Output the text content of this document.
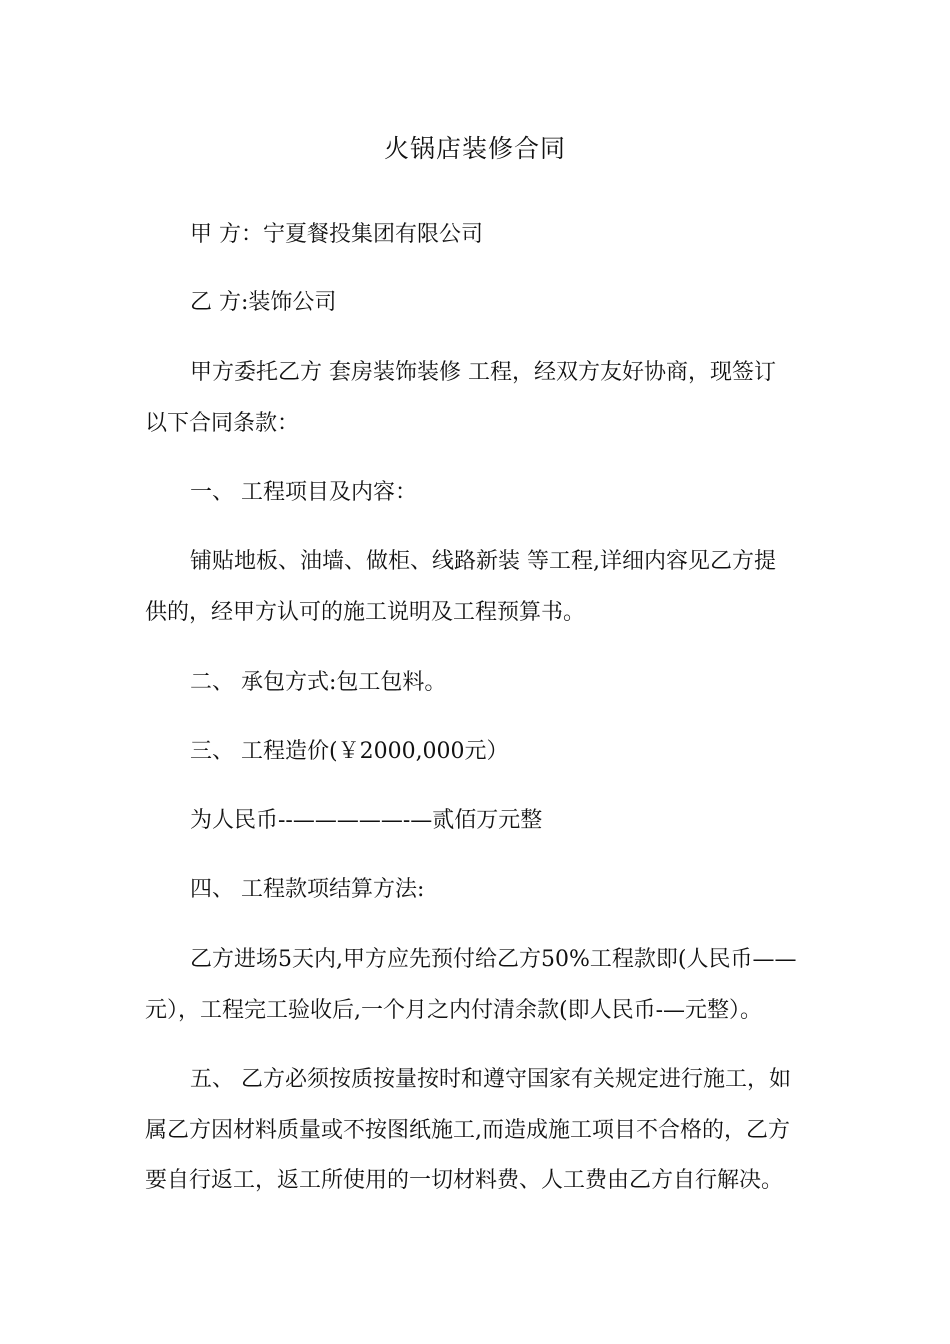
火锅店装修合同
甲 方：宁夏餐投集团有限公司
乙 方:装饰公司
甲方委托乙方 套房装饰装修 工程，经双方友好协商，现签订
以下合同条款：
一、 工程项目及内容：
铺贴地板、油墙、做柜、线路新装 等工程,详细内容见乙方提
供的，经甲方认可的施工说明及工程预算书。
二、 承包方式:包工包料。
三、 工程造价(￥2000,000元）
为人民币--—————-—贰佰万元整
四、 工程款项结算方法:
乙方进场5天内,甲方应先预付给乙方50%工程款即(人民币——
元），工程完工验收后,一个月之内付清余款(即人民币-—元整）。
五、 乙方必须按质按量按时和遵守国家有关规定进行施工，如
属乙方因材料质量或不按图纸施工,而造成施工项目不合格的，乙方
要自行返工，返工所使用的一切材料费、人工费由乙方自行解决。
